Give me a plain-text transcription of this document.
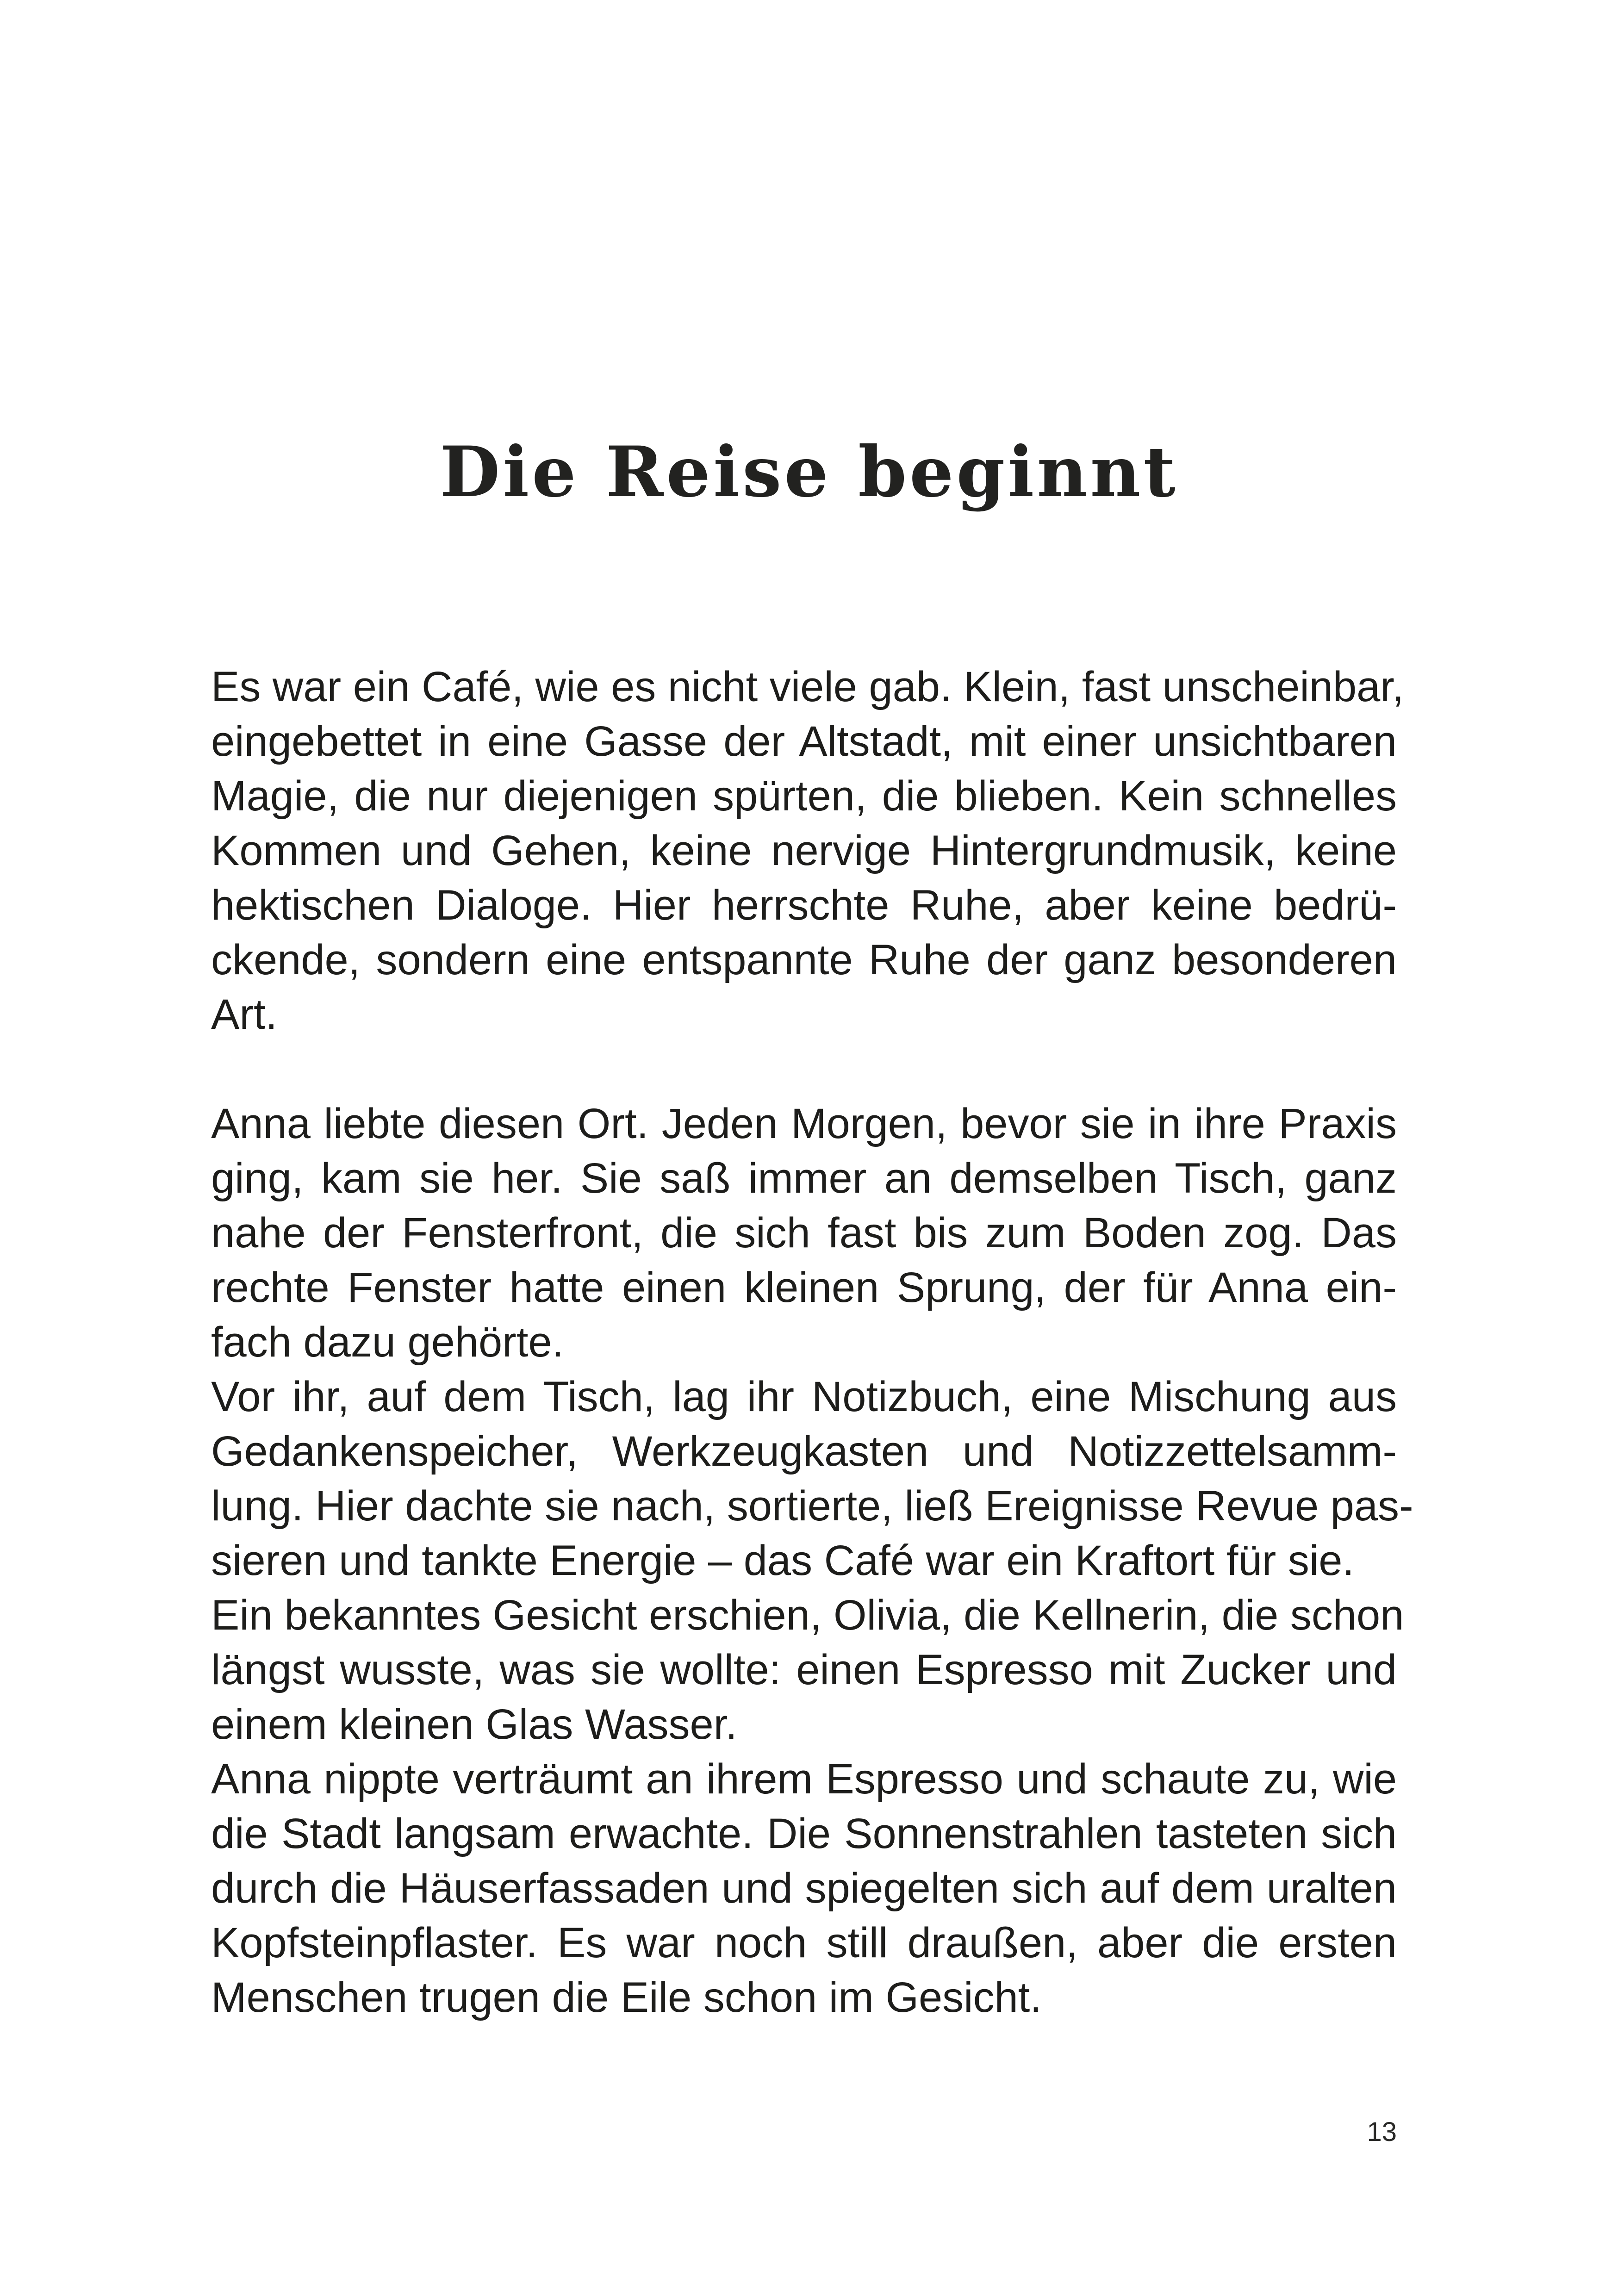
Die Reise beginnt
Es war ein Café, wie es nicht viele gab. Klein, fast unscheinbar,
eingebettet in eine Gasse der Altstadt, mit einer unsichtbaren
Magie, die nur diejenigen spürten, die blieben. Kein schnelles
Kommen und Gehen, keine nervige Hintergrundmusik, keine
hektischen Dialoge. Hier herrschte Ruhe, aber keine bedrü-
ckende, sondern eine entspannte Ruhe der ganz besonderen
Art.
Anna liebte diesen Ort. Jeden Morgen, bevor sie in ihre Praxis
ging, kam sie her. Sie saß immer an demselben Tisch, ganz
nahe der Fensterfront, die sich fast bis zum Boden zog. Das
rechte Fenster hatte einen kleinen Sprung, der für Anna ein-
fach dazu gehörte.
Vor ihr, auf dem Tisch, lag ihr Notizbuch, eine Mischung aus
Gedankenspeicher, Werkzeugkasten und Notizzettelsamm-
lung. Hier dachte sie nach, sortierte, ließ Ereignisse Revue pas-
sieren und tankte Energie – das Café war ein Kraftort für sie.
Ein bekanntes Gesicht erschien, Olivia, die Kellnerin, die schon
längst wusste, was sie wollte: einen Espresso mit Zucker und
einem kleinen Glas Wasser.
Anna nippte verträumt an ihrem Espresso und schaute zu, wie
die Stadt langsam erwachte. Die Sonnenstrahlen tasteten sich
durch die Häuserfassaden und spiegelten sich auf dem uralten
Kopfsteinpflaster. Es war noch still draußen, aber die ersten
Menschen trugen die Eile schon im Gesicht.
13
